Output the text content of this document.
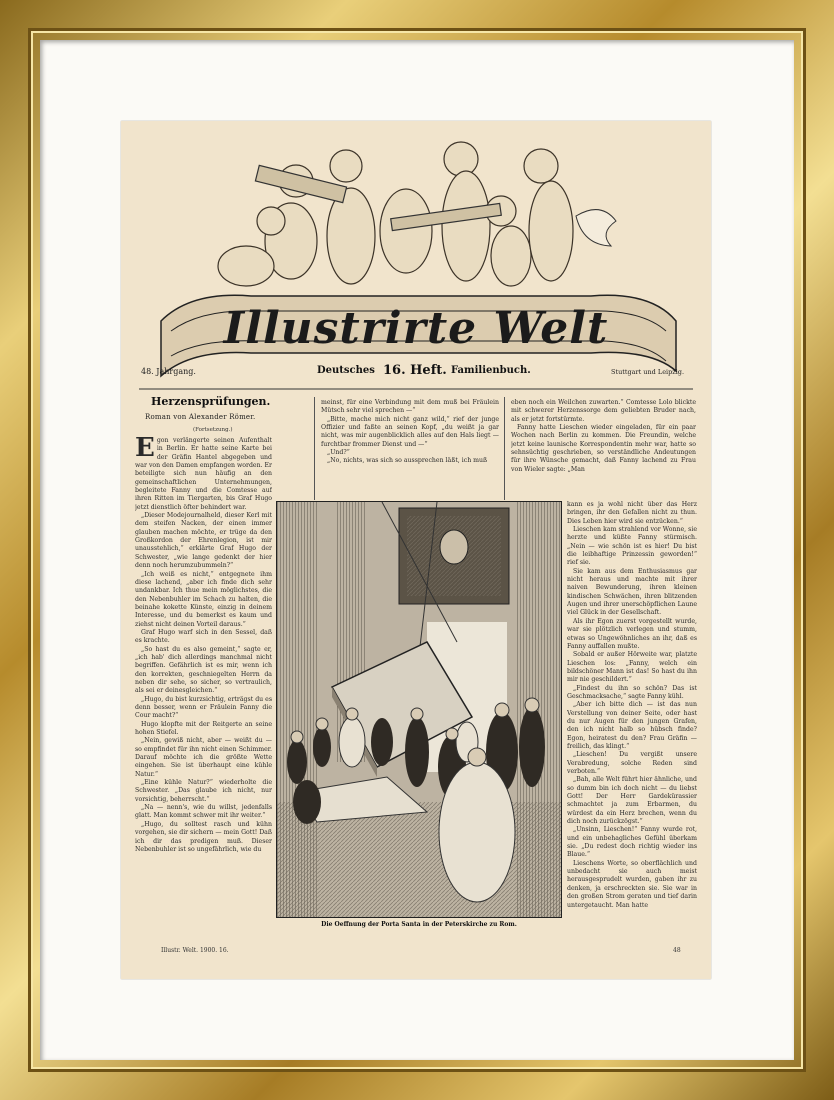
Illustrirte Welt
48. Jahrgang.	Deutsches 16. Heft. Familienbuch.	Stuttgart und Leipzig.
Herzensprüfungen.
Roman von Alexander Römer.
(Fortsetzung.)

Egon verlängerte seinen Aufenthalt in Berlin. Er hatte seine Karte bei der Gräfin Hantel abgegeben und war von den Damen empfangen worden. Er beteiligte sich nun häufig an den gemeinschaftlichen Unternehmungen, begleitete Fanny und die Comtesse auf ihren Ritten im Tiergarten, bis Graf Hugo jetzt dienstlich öfter behindert war.

„Dieser Modejournalheld, dieser Kerl mit dem steifen Nacken, der einen immer glauben machen möchte, er trüge da den Großkordon der Ehrenlegion, ist mir unausstehlich,“ erklärte Graf Hugo der Schwester, „wie lange gedenkt der hier denn noch herumzubummeln?“

„Ich weiß es nicht,“ entgegnete ihm diese lachend, „aber ich finde dich sehr undankbar. Ich thue mein möglichstes, die den Nebenbuhler im Schach zu halten, die beinahe kokette Künste, einzig in deinem Interesse, und du bemerkst es kaum und ziehst nicht deinen Vorteil daraus.“

Graf Hugo warf sich in den Sessel, daß es krachte.

„So hast du es also gemeint,“ sagte er, „ich hab' dich allerdings manchmal nicht begriffen. Gefährlich ist es mir, wenn ich den korrekten, geschniegelten Herrn da neben dir sehe, so sicher, so vertraulich, als sei er deinesgleichen.“

„Hugo, du bist kurzsichtig, erträgst du es denn besser, wenn er Fräulein Fanny die Cour macht?“

Hugo klopfte mit der Reitgerte an seine hohen Stiefel.

„Nein, gewiß nicht, aber — weißt du — so empfindet für ihn nicht einen Schimmer. Darauf möchte ich die größte Wette eingehen. Sie ist überhaupt eine kühle Natur.“

„Eine kühle Natur?“ wiederholte die Schwester. „Das glaube ich nicht, nur vorsichtig, beherrscht.“

„Na — nenn's, wie du willst, jedenfalls glatt. Man kommt schwer mit ihr weiter.“

„Hugo, du solltest rasch und kühn vorgehen, sie dir sichern — mein Gott! Daß ich dir das predigen muß. Dieser Nebenbuhler ist so ungefährlich, wie du

meinst, für eine Verbindung mit dem muß bei Fräulein Mütsch sehr viel sprechen —“

„Bitte, mache mich nicht ganz wild,“ rief der junge Offizier und faßte an seinen Kopf, „du weißt ja gar nicht, was mir augenblicklich alles auf den Hals liegt — furchtbar frommer Dienst und —“

„Und?“

„No, nichts, was sich so aussprechen läßt, ich muß

eben noch ein Weilchen zuwarten.“ Comtesse Lolo blickte mit schwerer Herzenssorge dem geliebten Bruder nach, als er jetzt fortstürmte.

Fanny hatte Lieschen wieder eingeladen, für ein paar Wochen nach Berlin zu kommen. Die Freundin, welche jetzt keine launische Korrespondentin mehr war, hatte so sehnsüchtig geschrieben, so verständliche Andeutungen für ihre Wünsche gemacht, daß Fanny lachend zu Frau von Wieler sagte: „Man

kann es ja wohl nicht über das Herz bringen, ihr den Gefallen nicht zu thun. Dies Leben hier wird sie entzücken.“

Lieschen kam strahlend vor Wonne, sie herzte und küßte Fanny stürmisch. „Nein — wie schön ist es hier! Du bist die leibhaftige Prinzessin geworden!“ rief sie.

Sie kam aus dem Enthusiasmus gar nicht heraus und machte mit ihrer naiven Bewunderung, ihren kleinen kindischen Schwächen, ihren blitzenden Augen und ihrer unerschöpflichen Laune viel Glück in der Gesellschaft.

Als ihr Egon zuerst vorgestellt wurde, war sie plötzlich verlegen und stumm, etwas so Ungewöhnliches an ihr, daß es Fanny auffallen mußte.

Sobald er außer Hörweite war, platzte Lieschen los: „Fanny, welch ein bildschöner Mann ist das! So hast du ihn mir nie geschildert.“

„Findest du ihn so schön? Das ist Geschmacksache,“ sagte Fanny kühl.

„Aber ich bitte dich — ist das nun Verstellung von deiner Seite, oder hast du nur Augen für den jungen Grafen, den ich nicht halb so hübsch finde? Egon, heiratest du den? Frau Gräfin — freilich, das klingt.“

„Lieschen! Du vergißt unsere Verabredung, solche Reden sind verboten.“

„Bah, alle Welt führt hier ähnliche, und so dumm bin ich doch nicht — du liebst Gott! Der Herr Gardekürassier schmachtet ja zum Erbarmen, du würdest da ein Herz brechen, wenn du dich noch zurückzögst.“

„Unsinn, Lieschen!“ Fanny wurde rot, und ein unbehagliches Gefühl überkam sie. „Du redest doch richtig wieder ins Blaue.“

Lieschens Worte, so oberflächlich und unbedacht sie auch meist herausgesprudelt wurden, gaben ihr zu denken, ja erschreckten sie. Sie war in den großen Strom geraten und tief darin untergetaucht. Man hatte

Die Oeffnung der Porta Santa in der Peterskirche zu Rom.
Illustr. Welt. 1900. 16.	48
